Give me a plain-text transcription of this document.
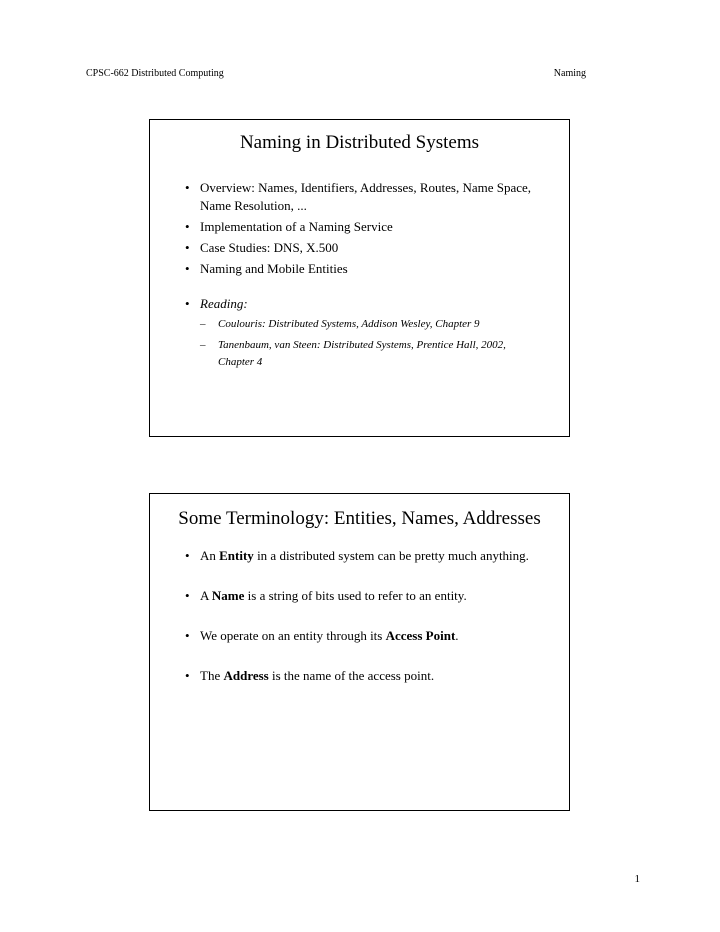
CPSC-662 Distributed Computing	Naming
Naming in Distributed Systems
• Overview: Names, Identifiers, Addresses, Routes, Name Space, Name Resolution, ...
• Implementation of a Naming Service
• Case Studies: DNS, X.500
• Naming and Mobile Entities
• Reading:
– Coulouris: Distributed Systems, Addison Wesley, Chapter 9
– Tanenbaum, van Steen: Distributed Systems, Prentice Hall, 2002, Chapter 4
Some Terminology: Entities, Names, Addresses
• An Entity in a distributed system can be pretty much anything.
• A Name is a string of bits used to refer to an entity.
• We operate on an entity through its Access Point.
• The Address is the name of the access point.
1
